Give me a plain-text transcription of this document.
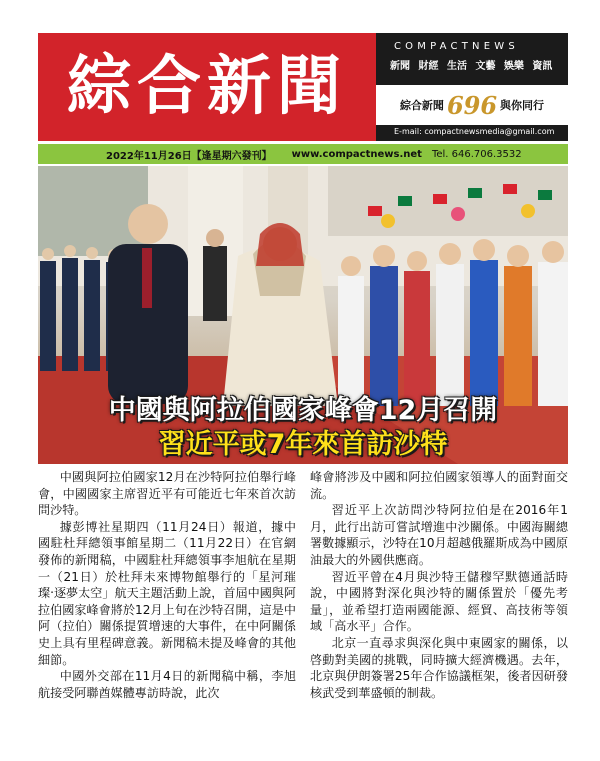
綜合新聞
COMPACTNEWS
新聞 財經 生活 文藝 娛樂 資訊
綜合新聞 696 與你同行
E-mail: compactnewsmedia@gmail.com
2022年11月26日【逢星期六發刊】 www.compactnews.net Tel. 646.706.3532
中國與阿拉伯國家峰會12月召開
習近平或7年來首訪沙特

中國與阿拉伯國家12月在沙特阿拉伯舉行峰會，中國國家主席習近平有可能近七年來首次訪問沙特。

據彭博社星期四（11月24日）報道，據中國駐杜拜總領事館星期二（11月22日）在官網發佈的新聞稿，中國駐杜拜總領事李旭航在星期一（21日）於杜拜未來博物館舉行的「星河璀璨‧逐夢太空」航天主題活動上說，首屆中國與阿拉伯國家峰會將於12月上旬在沙特召開，這是中阿（拉伯）關係提質增速的大事件，在中阿關係史上具有里程碑意義。新聞稿未提及峰會的其他細節。

中國外交部在11月4日的新聞稿中稱，李旭航接受阿聯酋媒體專訪時說，此次

峰會將涉及中國和阿拉伯國家領導人的面對面交流。

習近平上次訪問沙特阿拉伯是在2016年1月，此行出訪可嘗試增進中沙關係。中國海關總署數據顯示，沙特在10月超越俄羅斯成為中國原油最大的外國供應商。

習近平曾在4月與沙特王儲穆罕默德通話時說，中國將對深化與沙特的關係置於「優先考量」，並希望打造兩國能源、經貿、高技術等領域「高水平」合作。

北京一直尋求與深化與中東國家的關係，以啓動對美國的挑戰，同時擴大經濟機遇。去年，北京與伊朗簽署25年合作協議框架，後者因研發核武受到華盛頓的制裁。
